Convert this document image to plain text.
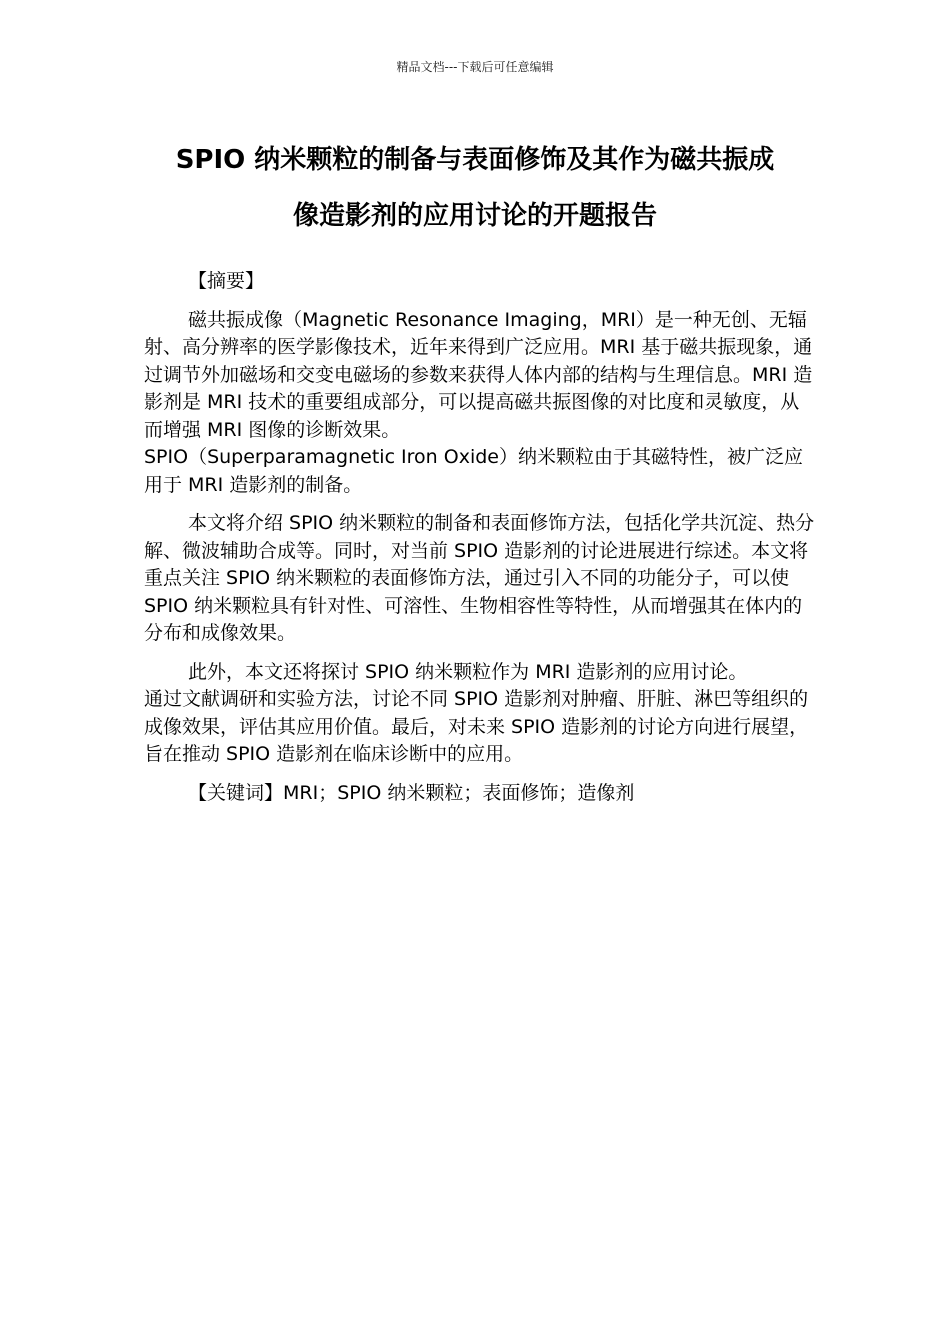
精品文档---下载后可任意编辑
SPIO 纳米颗粒的制备与表面修饰及其作为磁共振成
像造影剂的应用讨论的开题报告

【摘要】

磁共振成像（Magnetic Resonance Imaging，MRI）是一种无创、无辐射、高分辨率的医学影像技术，近年来得到广泛应用。MRI 基于磁共振现象，通过调节外加磁场和交变电磁场的参数来获得人体内部的结构与生理信息。MRI 造影剂是 MRI 技术的重要组成部分，可以提高磁共振图像的对比度和灵敏度，从而增强 MRI 图像的诊断效果。
SPIO（Superparamagnetic Iron Oxide）纳米颗粒由于其磁特性，被广泛应用于 MRI 造影剂的制备。

本文将介绍 SPIO 纳米颗粒的制备和表面修饰方法，包括化学共沉淀、热分解、微波辅助合成等。同时，对当前 SPIO 造影剂的讨论进展进行综述。本文将重点关注 SPIO 纳米颗粒的表面修饰方法，通过引入不同的功能分子，可以使 SPIO 纳米颗粒具有针对性、可溶性、生物相容性等特性，从而增强其在体内的分布和成像效果。

此外，本文还将探讨 SPIO 纳米颗粒作为 MRI 造影剂的应用讨论。
通过文献调研和实验方法，讨论不同 SPIO 造影剂对肿瘤、肝脏、淋巴等组织的成像效果，评估其应用价值。最后，对未来 SPIO 造影剂的讨论方向进行展望，旨在推动 SPIO 造影剂在临床诊断中的应用。

【关键词】MRI；SPIO 纳米颗粒；表面修饰；造像剂
